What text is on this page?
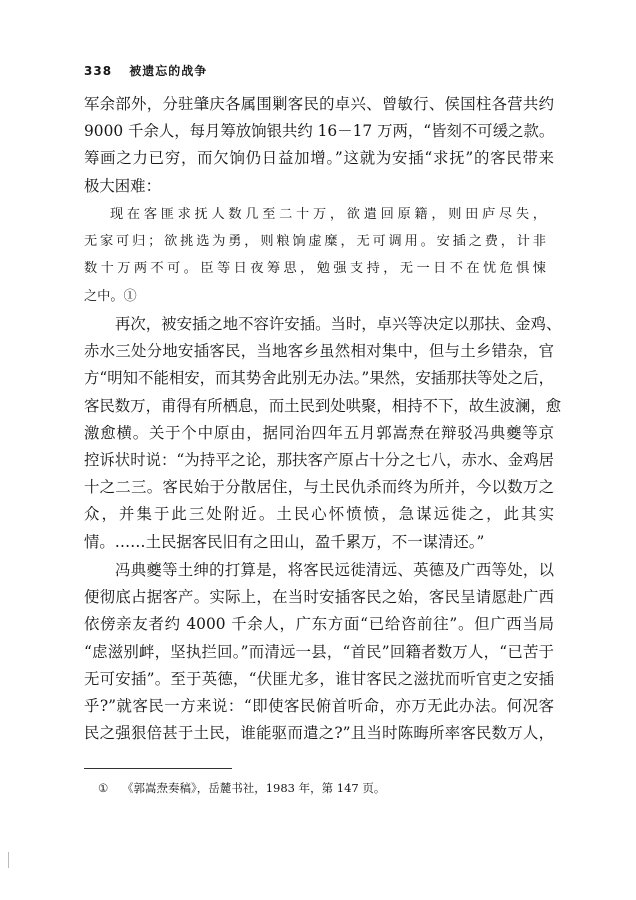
338 被遗忘的战争
军余部外，分驻肇庆各属围剿客民的卓兴、曾敏行、侯国柱各营共约
9000 千余人，每月筹放饷银共约 16－17 万两，“皆刻不可缓之款。
筹画之力已穷，而欠饷仍日益加增。”这就为安插“求抚”的客民带来
极大困难：
现在客匪求抚人数几至二十万，欲遣回原籍，则田庐尽失，
无家可归；欲挑选为勇，则粮饷虚糜，无可调用。安插之费，计非
数十万两不可。臣等日夜筹思，勉强支持，无一日不在忧危惧悚
之中。①
再次，被安插之地不容许安插。当时，卓兴等决定以那扶、金鸡、
赤水三处分地安插客民，当地客乡虽然相对集中，但与土乡错杂，官
方“明知不能相安，而其势舍此别无办法。”果然，安插那扶等处之后，
客民数万，甫得有所栖息，而土民到处哄聚，相持不下，故生波澜，愈
激愈横。关于个中原由，据同治四年五月郭嵩焘在辩驳冯典夔等京
控诉状时说：“为持平之论，那扶客产原占十分之七八，赤水、金鸡居
十之二三。客民始于分散居住，与土民仇杀而终为所并，今以数万之
众，并集于此三处附近。土民心怀愤愤，急谋远徙之，此其实
情。……土民据客民旧有之田山，盈千累万，不一谋清还。”
冯典夔等土绅的打算是，将客民远徙清远、英德及广西等处，以
便彻底占据客产。实际上，在当时安插客民之始，客民呈请愿赴广西
依傍亲友者约 4000 千余人，广东方面“已给咨前往”。但广西当局
“虑滋别衅，坚执拦回。”而清远一县，“首民”回籍者数万人，“已苦于
无可安插”。至于英德，“伏匪尤多，谁甘客民之滋扰而听官吏之安插
乎?”就客民一方来说：“即使客民俯首听命，亦万无此办法。何况客
民之强狠倍甚于土民，谁能驱而遣之?”且当时陈晦所率客民数万人，
① 《郭嵩焘奏稿》，岳麓书社，1983 年，第 147 页。
